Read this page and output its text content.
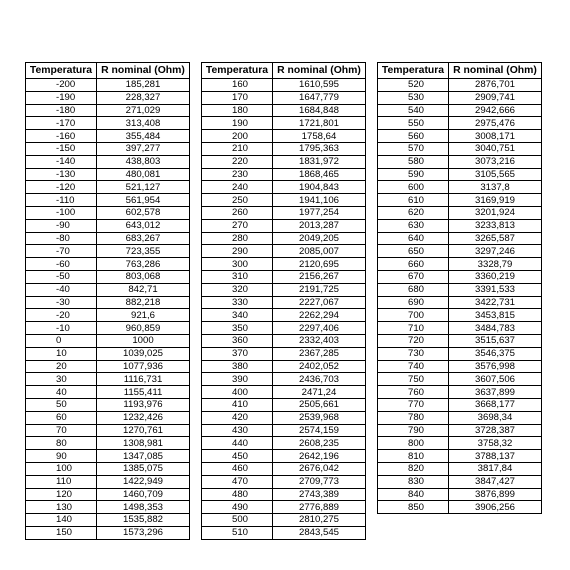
Temperatura	R nominal (Ohm)
-200	185,281
-190	228,327
-180	271,029
-170	313,408
-160	355,484
-150	397,277
-140	438,803
-130	480,081
-120	521,127
-110	561,954
-100	602,578
-90	643,012
-80	683,267
-70	723,355
-60	763,286
-50	803,068
-40	842,71
-30	882,218
-20	921,6
-10	960,859
0	1000
10	1039,025
20	1077,936
30	1116,731
40	1155,411
50	1193,976
60	1232,426
70	1270,761
80	1308,981
90	1347,085
100	1385,075
110	1422,949
120	1460,709
130	1498,353
140	1535,882
150	1573,296
Temperatura	R nominal (Ohm)
160	1610,595
170	1647,779
180	1684,848
190	1721,801
200	1758,64
210	1795,363
220	1831,972
230	1868,465
240	1904,843
250	1941,106
260	1977,254
270	2013,287
280	2049,205
290	2085,007
300	2120,695
310	2156,267
320	2191,725
330	2227,067
340	2262,294
350	2297,406
360	2332,403
370	2367,285
380	2402,052
390	2436,703
400	2471,24
410	2505,661
420	2539,968
430	2574,159
440	2608,235
450	2642,196
460	2676,042
470	2709,773
480	2743,389
490	2776,889
500	2810,275
510	2843,545
Temperatura	R nominal (Ohm)
520	2876,701
530	2909,741
540	2942,666
550	2975,476
560	3008,171
570	3040,751
580	3073,216
590	3105,565
600	3137,8
610	3169,919
620	3201,924
630	3233,813
640	3265,587
650	3297,246
660	3328,79
670	3360,219
680	3391,533
690	3422,731
700	3453,815
710	3484,783
720	3515,637
730	3546,375
740	3576,998
750	3607,506
760	3637,899
770	3668,177
780	3698,34
790	3728,387
800	3758,32
810	3788,137
820	3817,84
830	3847,427
840	3876,899
850	3906,256
